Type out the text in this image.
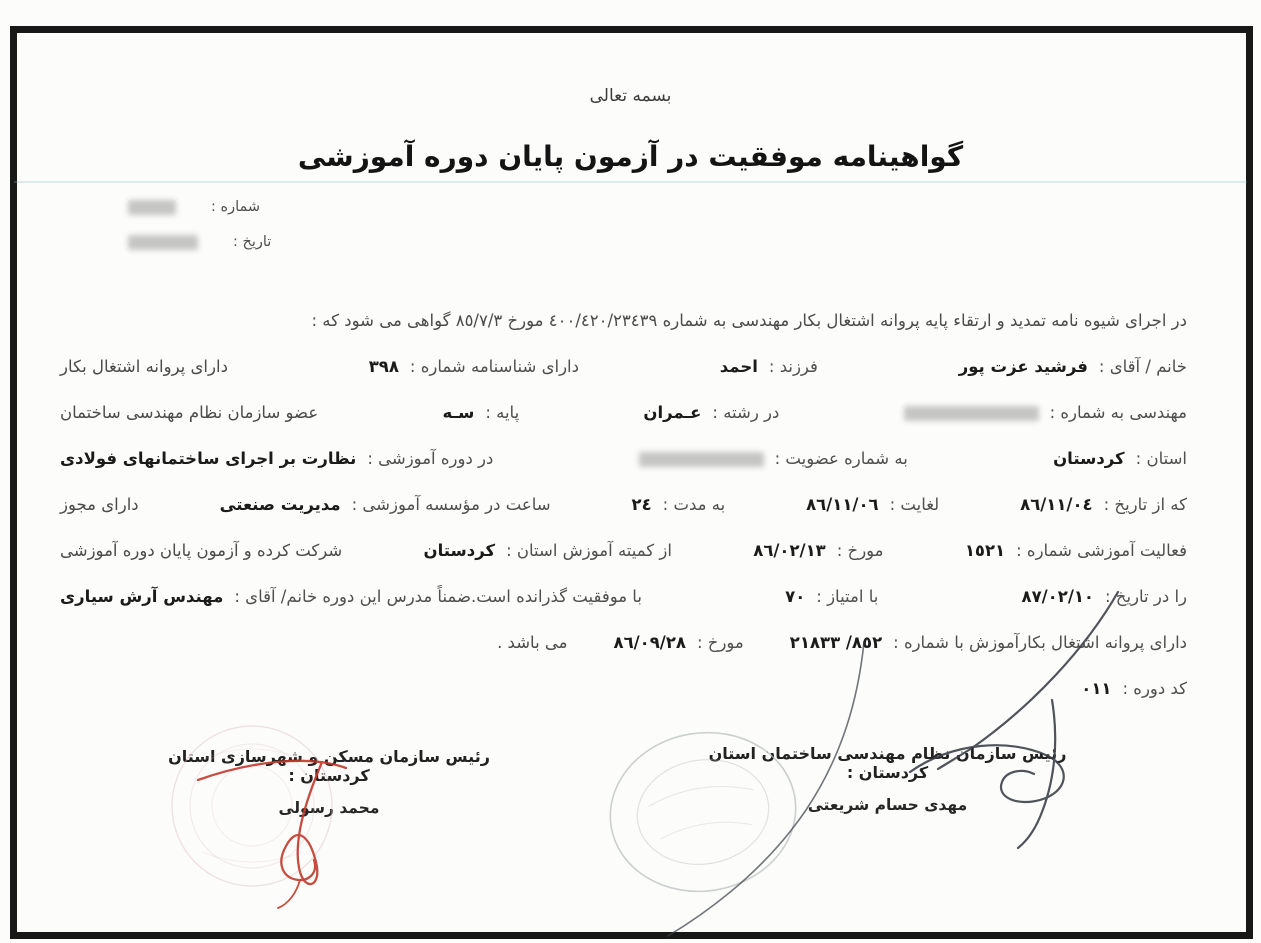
بسمه تعالی
گواهینامه موفقیت در آزمون پایان دوره آموزشی
شماره :
تاریخ :
در اجرای شیوه نامه تمدید و ارتقاء پایه پروانه اشتغال بکار مهندسی به شماره ٤٠٠/٤٢٠/٢٣٤٣٩ مورخ ٨٥/٧/٣ گواهی می شود که :
خانم / آقای :فرشید عزت پور
فرزند :احمد
دارای شناسنامه شماره :٣٩٨
دارای پروانه اشتغال بکار
مهندسی به شماره :
در رشته :عـمران
پایه :سـه
عضو سازمان نظام مهندسی ساختمان
استان :کردستان
به شماره عضویت :
در دوره آموزشی :نظارت بر اجرای ساختمانهای فولادی
که از تاریخ :٨٦/١١/٠٤
لغایت :٨٦/١١/٠٦
به مدت :٢٤
ساعت در مؤسسه آموزشی :مدیریت صنعتی
دارای مجوز
فعالیت آموزشی شماره :١٥٢١
مورخ :٨٦/٠٢/١٣
از کمیته آموزش استان :کردستان
شرکت کرده و آزمون پایان دوره آموزشی
را در تاریخ :٨٧/٠٢/١٠
با امتیاز :٧٠
با موفقیت گذرانده است.ضمناً مدرس این دوره خانم/ آقای :مهندس آرش سیاری
دارای پروانه اشتغال بکارآموزش با شماره :٨٥٢/ ٢١٨٣٣
مورخ :٨٦/٠٩/٢٨
می باشد .
کد دوره :٠١١
رئیس سازمان نظام مهندسی ساختمان استان کردستان :
مهدی حسام شریعتی
رئیس سازمان مسکن و شهرسازی استان کردستان :
محمد رسولی
